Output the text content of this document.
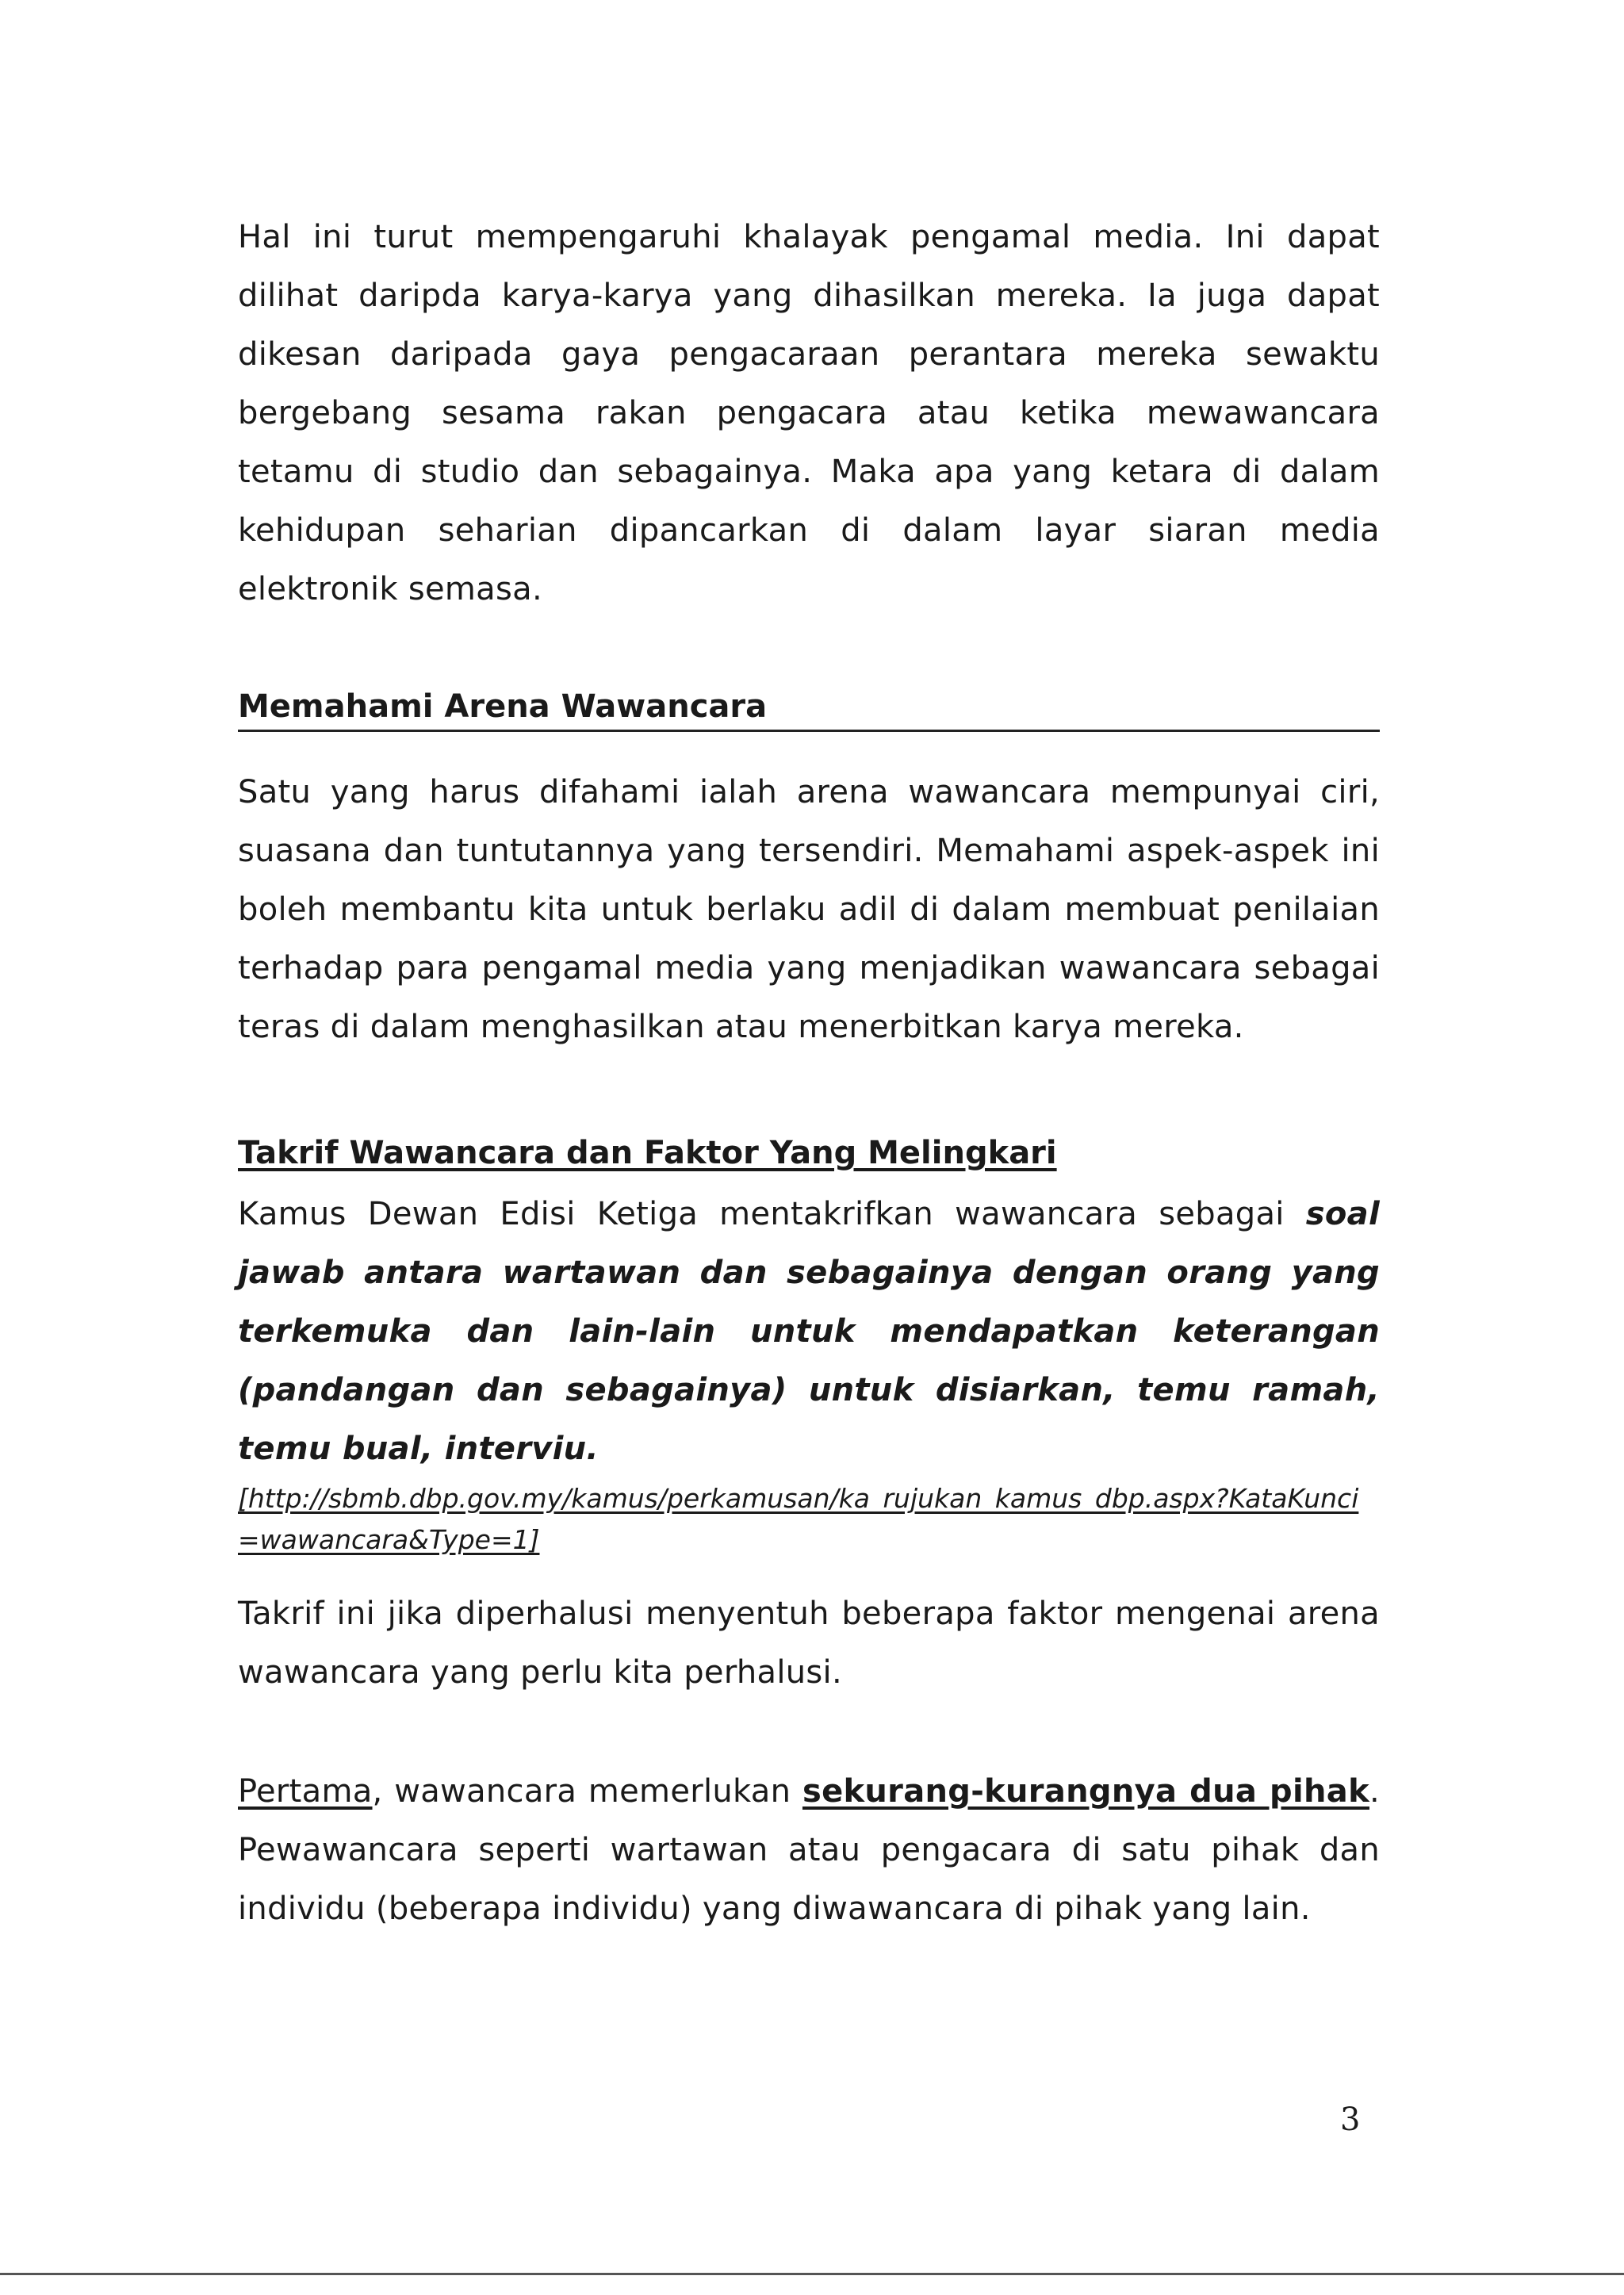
Hal ini turut mempengaruhi khalayak pengamal media. Ini dapat dilihat daripda karya-karya yang dihasilkan mereka. Ia juga dapat dikesan daripada gaya pengacaraan perantara mereka sewaktu bergebang sesama rakan pengacara atau ketika mewawancara tetamu di studio dan sebagainya. Maka apa yang ketara di dalam kehidupan seharian dipancarkan di dalam layar siaran media elektronik semasa.

Memahami Arena Wawancara

Satu yang harus difahami ialah arena wawancara mempunyai ciri, suasana dan tuntutannya yang tersendiri. Memahami aspek-aspek ini boleh membantu kita untuk berlaku adil di dalam membuat penilaian terhadap para pengamal media yang menjadikan wawancara sebagai teras di dalam menghasilkan atau menerbitkan karya mereka.

Takrif Wawancara dan Faktor Yang Melingkari

Kamus Dewan Edisi Ketiga mentakrifkan wawancara sebagai soal jawab antara wartawan dan sebagainya dengan orang yang terkemuka dan lain-lain untuk mendapatkan keterangan (pandangan dan sebagainya) untuk disiarkan, temu ramah, temu bual, interviu.

[http://sbmb.dbp.gov.my/kamus/perkamusan/ka_rujukan_kamus_dbp.aspx?KataKunci=wawancara&Type=1]

Takrif ini jika diperhalusi menyentuh beberapa faktor mengenai arena wawancara yang perlu kita perhalusi.

Pertama, wawancara memerlukan sekurang-kurangnya dua pihak. Pewawancara seperti wartawan atau pengacara di satu pihak dan individu (beberapa individu) yang diwawancara di pihak yang lain.

3
